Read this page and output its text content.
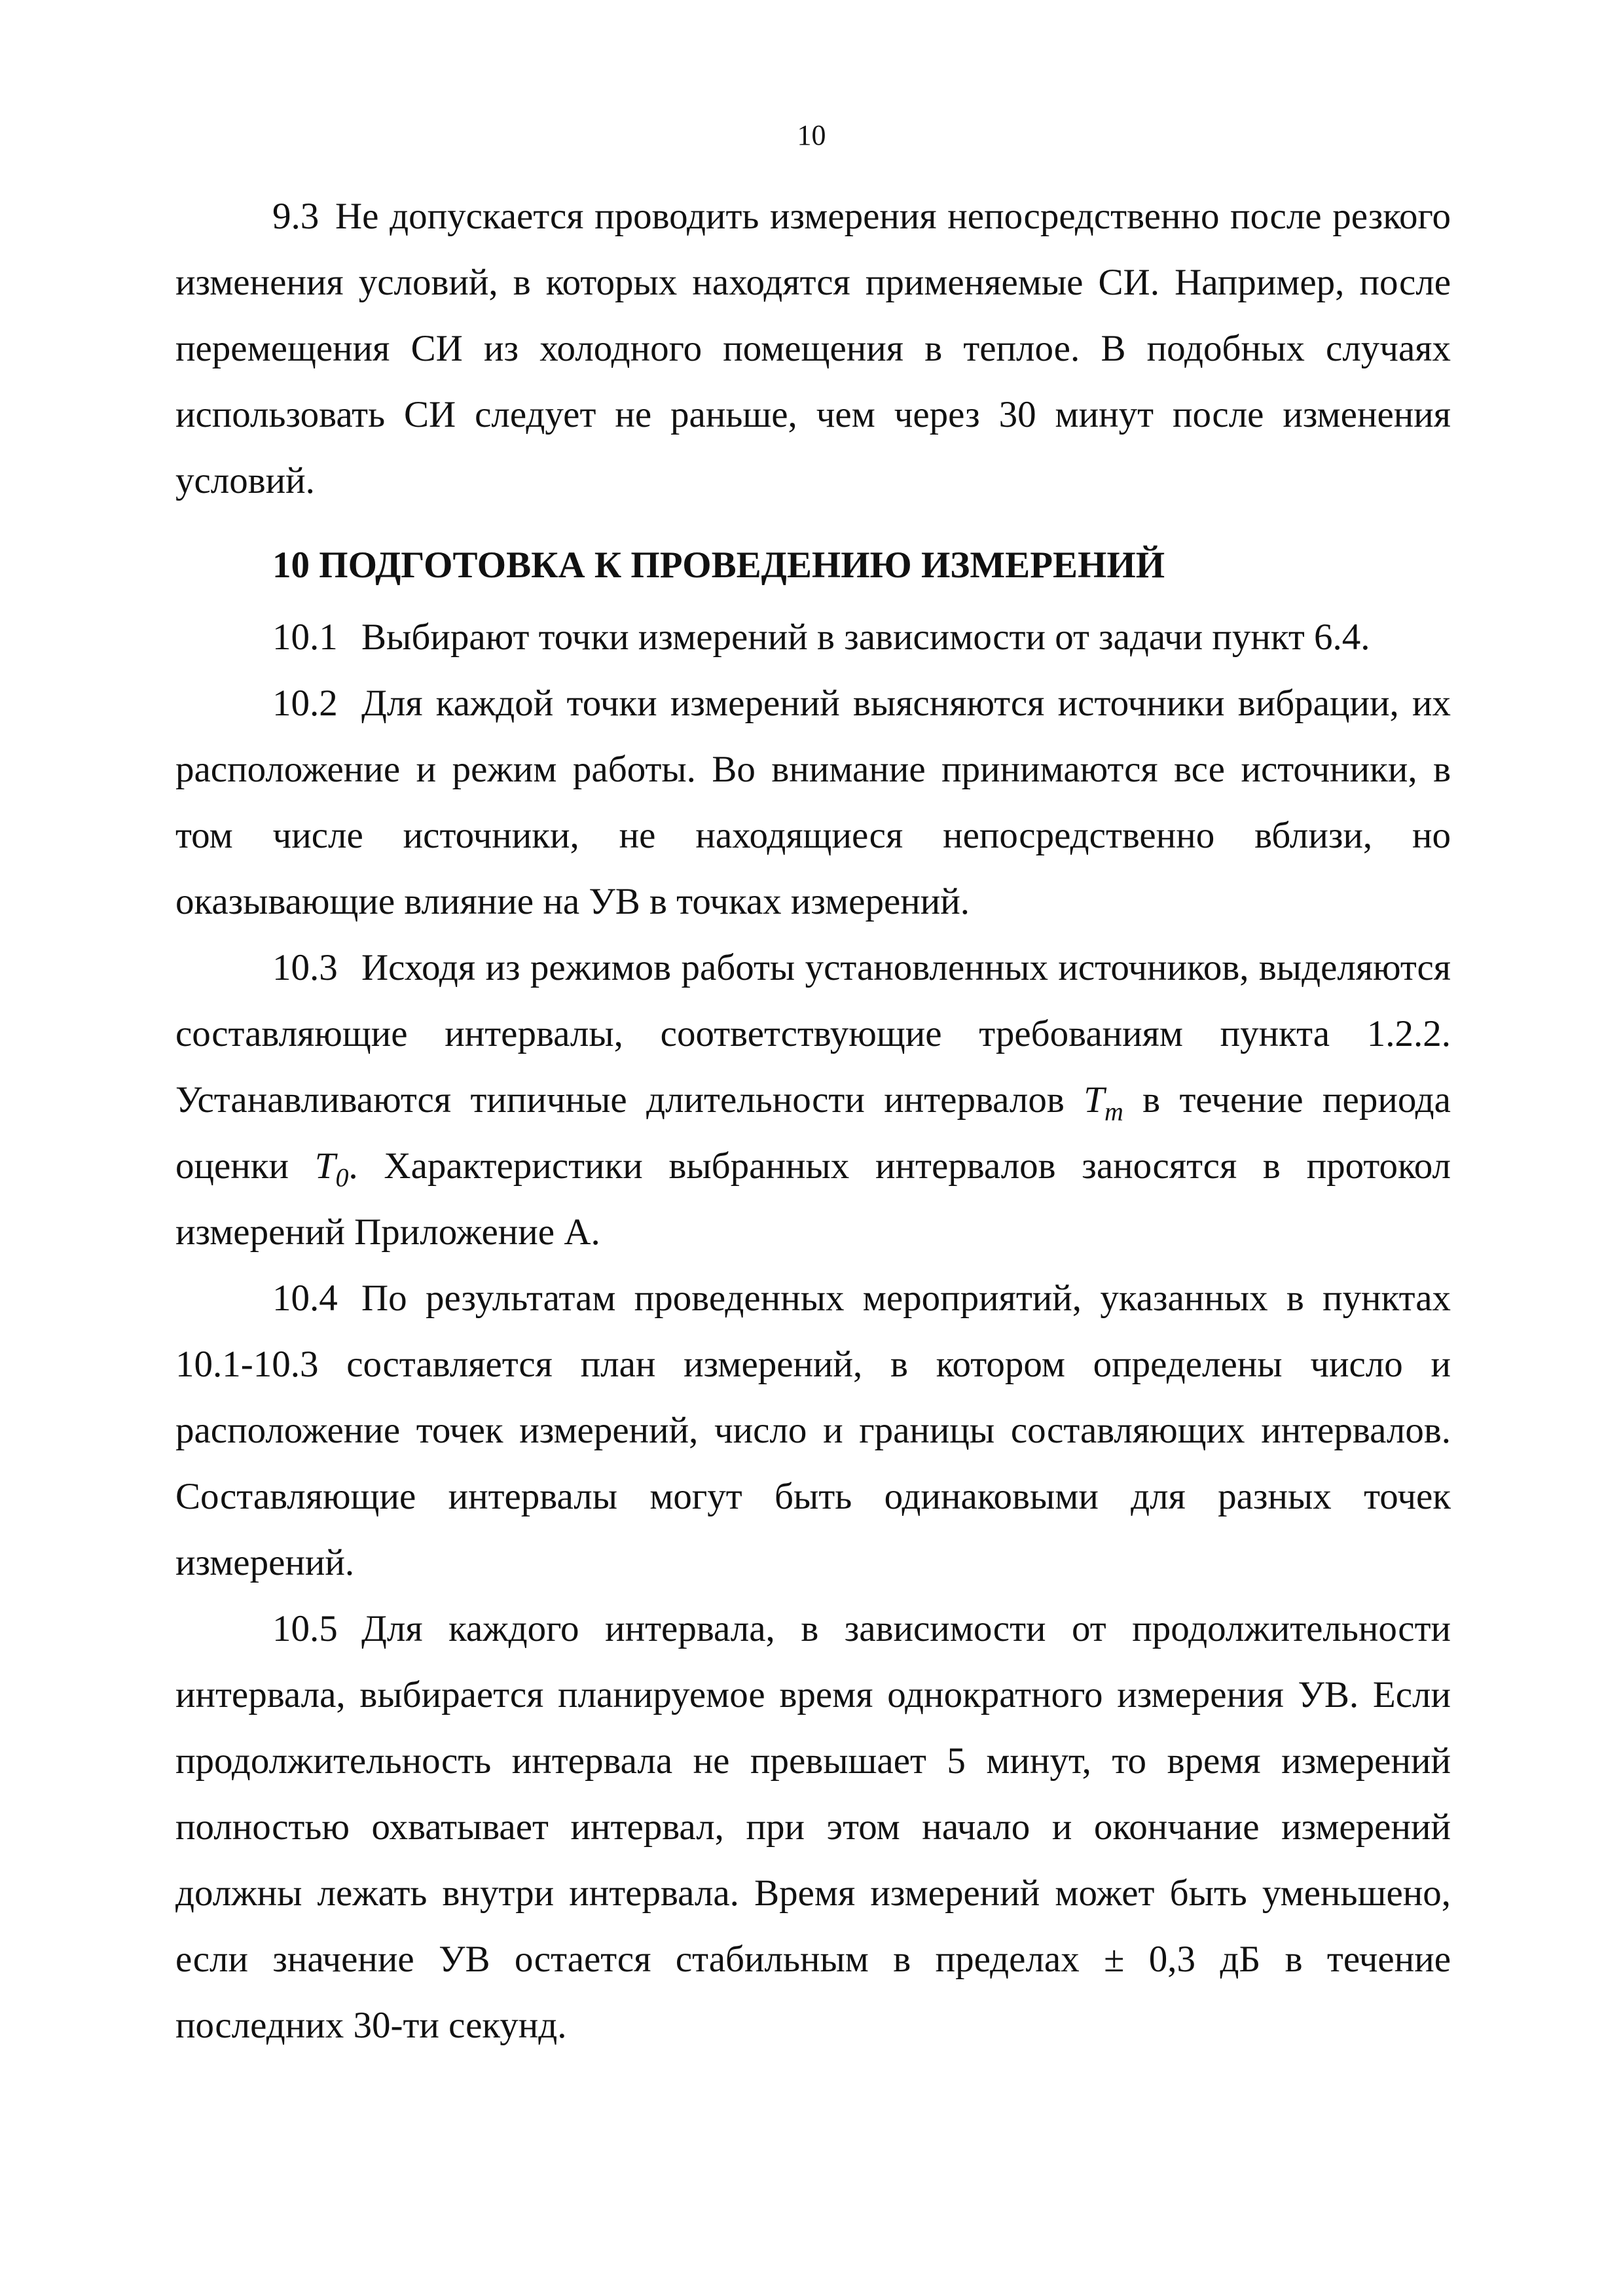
10

9.3 Не допускается проводить измерения непосредственно после резкого изменения условий, в которых находятся применяемые СИ. Например, после перемещения СИ из холодного помещения в теплое. В подобных случаях использовать СИ следует не раньше, чем через 30 минут после изменения условий.

10 ПОДГОТОВКА К ПРОВЕДЕНИЮ ИЗМЕРЕНИЙ

10.1 Выбирают точки измерений в зависимости от задачи пункт 6.4.

10.2 Для каждой точки измерений выясняются источники вибрации, их расположение и режим работы. Во внимание принимаются все источники, в том числе источники, не находящиеся непосредственно вблизи, но оказывающие влияние на УВ в точках измерений.

10.3 Исходя из режимов работы установленных источников, выделяются составляющие интервалы, соответствующие требованиям пункта 1.2.2. Устанавливаются типичные длительности интервалов $T_m$ в течение периода оценки $T_0$. Характеристики выбранных интервалов заносятся в протокол измерений Приложение А.

10.4 По результатам проведенных мероприятий, указанных в пунктах 10.1-10.3 составляется план измерений, в котором определены число и расположение точек измерений, число и границы составляющих интервалов. Составляющие интервалы могут быть одинаковыми для разных точек измерений.

10.5 Для каждого интервала, в зависимости от продолжительности интервала, выбирается планируемое время однократного измерения УВ. Если продолжительность интервала не превышает 5 минут, то время измерений полностью охватывает интервал, при этом начало и окончание измерений должны лежать внутри интервала. Время измерений может быть уменьшено, если значение УВ остается стабильным в пределах ± 0,3 дБ в течение последних 30-ти секунд.
